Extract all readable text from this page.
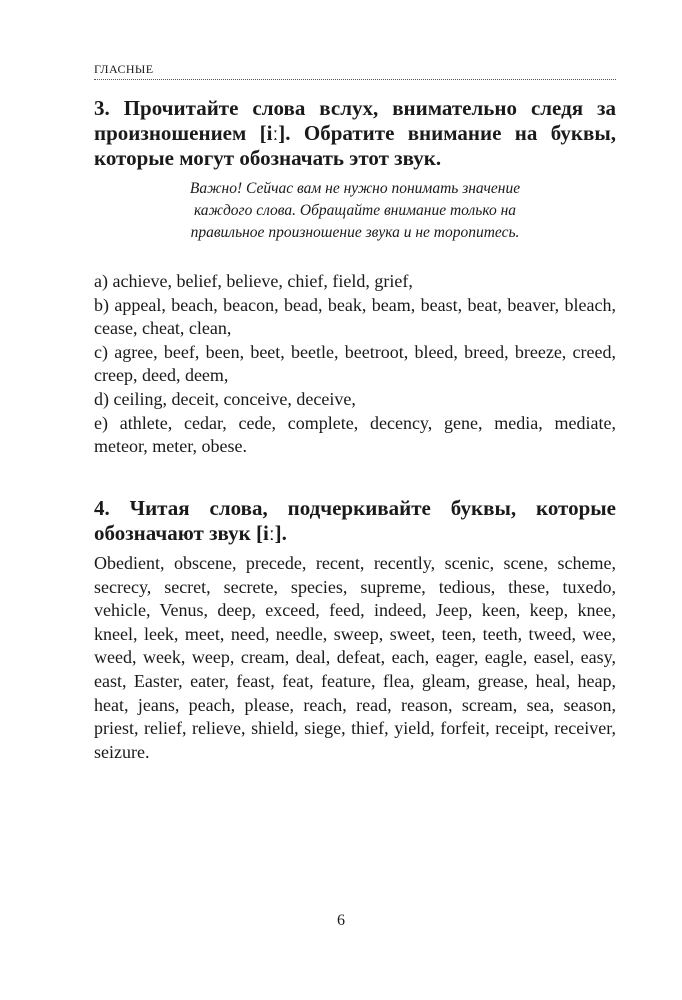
ГЛАСНЫЕ

3. Прочитайте слова вслух, внимательно следя за произношением [iː]. Обратите внимание на буквы, которые могут обозначать этот звук.

Важно! Сейчас вам не нужно понимать значение
каждого слова. Обращайте внимание только на
правильное произношение звука и не торопитесь.

a) achieve, belief, believe, chief, field, grief,

b) appeal, beach, beacon, bead, beak, beam, beast, beat, beaver, bleach, cease, cheat, clean,

c) agree, beef, been, beet, beetle, beetroot, bleed, breed, breeze, creed, creep, deed, deem,

d) ceiling, deceit, conceive, deceive,

e) athlete, cedar, cede, complete, decency, gene, media, mediate, meteor, meter, obese.

4. Читая слова, подчеркивайте буквы, которые обозначают звук [iː].

Obedient, obscene, precede, recent, recently, scenic, scene, scheme, secrecy, secret, secrete, species, supreme, tedious, these, tuxedo, vehicle, Venus, deep, exceed, feed, indeed, Jeep, keen, keep, knee, kneel, leek, meet, need, needle, sweep, sweet, teen, teeth, tweed, wee, weed, week, weep, cream, deal, defeat, each, eager, eagle, easel, easy, east, Easter, eater, feast, feat, feature, flea, gleam, grease, heal, heap, heat, jeans, peach, please, reach, read, reason, scream, sea, season, priest, relief, relieve, shield, siege, thief, yield, forfeit, receipt, receiver, seizure.

6
